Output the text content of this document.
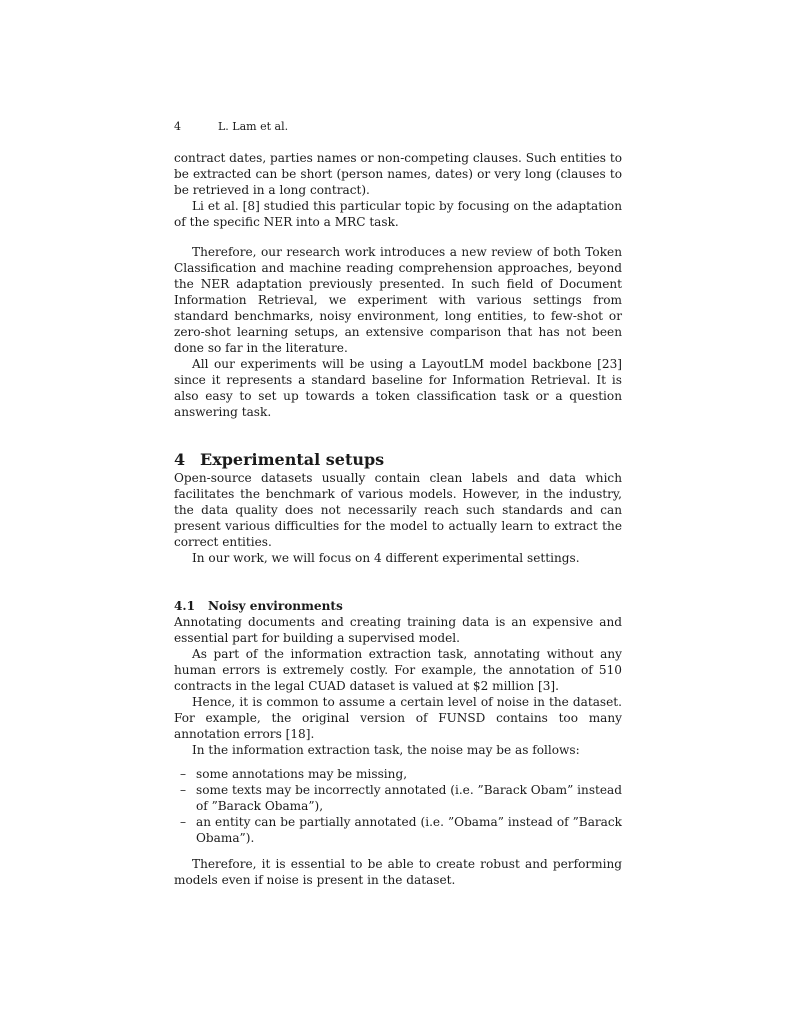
4	L. Lam et al.

contract dates, parties names or non-competing clauses. Such entities to be extracted can be short (person names, dates) or very long (clauses to be retrieved in a long contract).

Li et al. [8] studied this particular topic by focusing on the adaptation of the specific NER into a MRC task.

Therefore, our research work introduces a new review of both Token Classification and machine reading comprehension approaches, beyond the NER adaptation previously presented. In such field of Document Information Retrieval, we experiment with various settings from standard benchmarks, noisy environment, long entities, to few-shot or zero-shot learning setups, an extensive comparison that has not been done so far in the literature.

All our experiments will be using a LayoutLM model backbone [23] since it represents a standard baseline for Information Retrieval. It is also easy to set up towards a token classification task or a question answering task.

4 Experimental setups

Open-source datasets usually contain clean labels and data which facilitates the benchmark of various models. However, in the industry, the data quality does not necessarily reach such standards and can present various difficulties for the model to actually learn to extract the correct entities.

In our work, we will focus on 4 different experimental settings.

4.1 Noisy environments

Annotating documents and creating training data is an expensive and essential part for building a supervised model.

As part of the information extraction task, annotating without any human errors is extremely costly. For example, the annotation of 510 contracts in the legal CUAD dataset is valued at $2 million [3].

Hence, it is common to assume a certain level of noise in the dataset. For example, the original version of FUNSD contains too many annotation errors [18].

In the information extraction task, the noise may be as follows:

– some annotations may be missing,
– some texts may be incorrectly annotated (i.e. ”Barack Obam” instead of ”Barack Obama”),
– an entity can be partially annotated (i.e. ”Obama” instead of ”Barack Obama”).

Therefore, it is essential to be able to create robust and performing models even if noise is present in the dataset.
